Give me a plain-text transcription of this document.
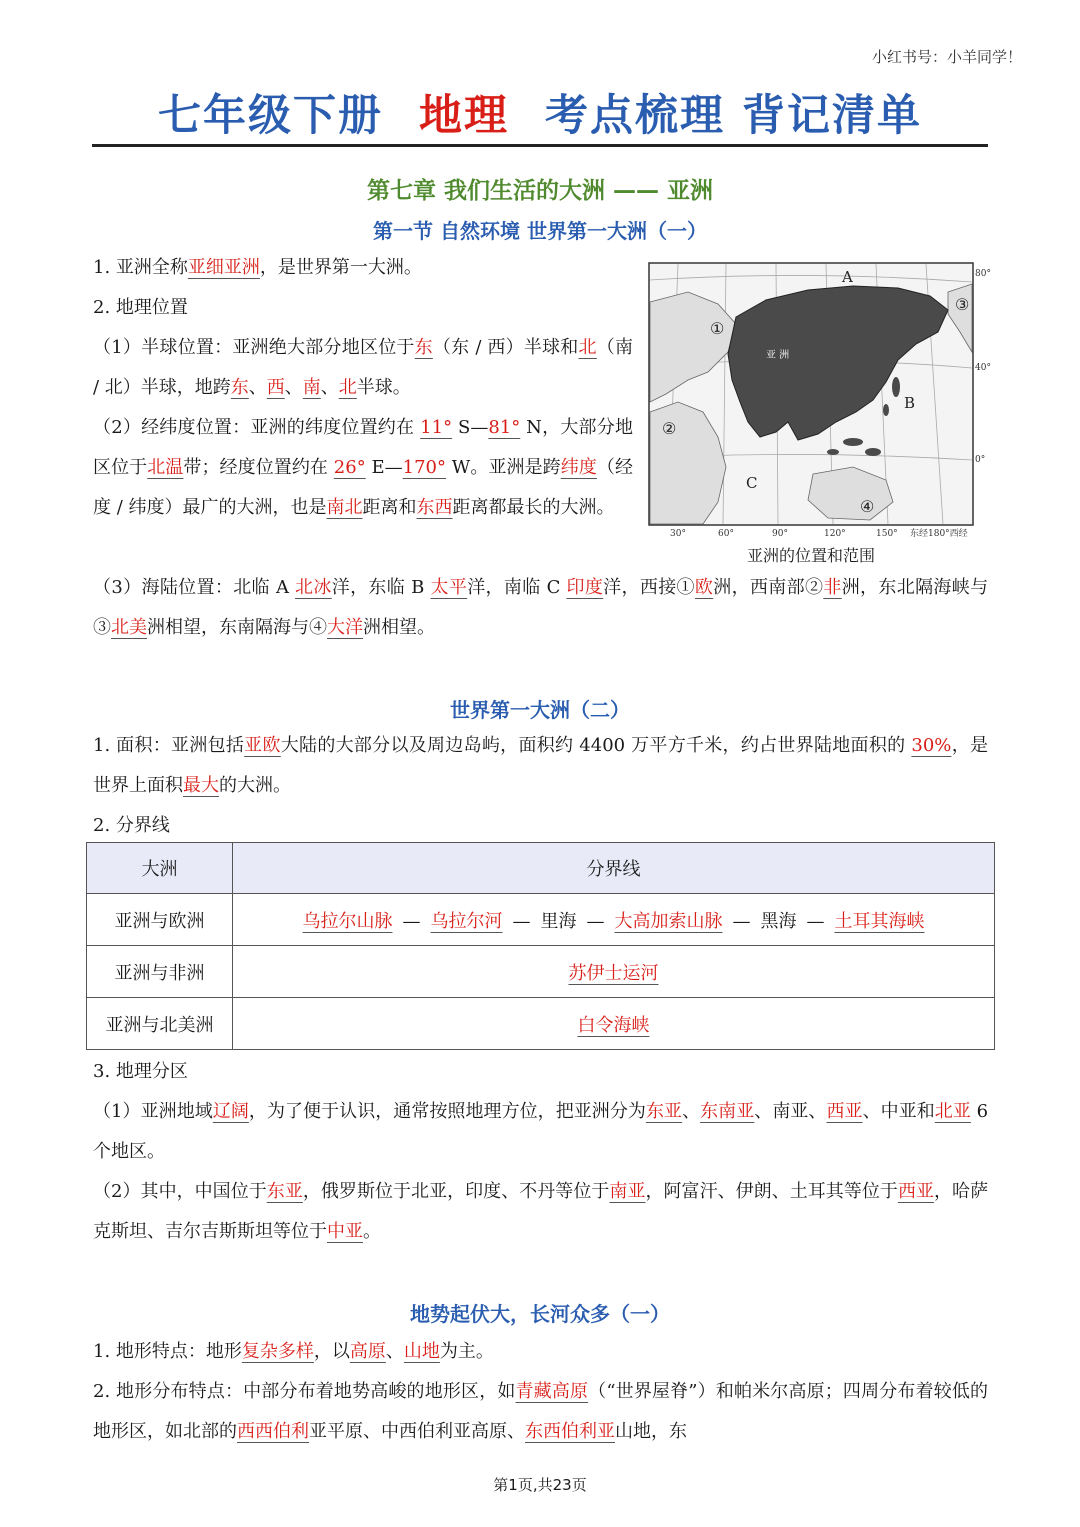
小红书号：小羊同学！
七年级下册 地理 考点梳理 背记清单
第七章 我们生活的大洲 —— 亚洲
第一节 自然环境 世界第一大洲（一）

1. 亚洲全称亚细亚洲，是世界第一大洲。

2. 地理位置

（1）半球位置：亚洲绝大部分地区位于东（东 / 西）半球和北（南 / 北）半球，地跨东、西、南、北半球。

（2）经纬度位置：亚洲的纬度位置约在 11° S—81° N，大部分地区位于北温带；经度位置约在 26° E—170° W。亚洲是跨纬度（经度 / 纬度）最广的大洲，也是南北距离和东西距离都最长的大洲。

（3）海陆位置：北临 A 北冰洋，东临 B 太平洋，南临 C 印度洋，西接①欧洲，西南部②非洲，东北隔海峡与③北美洲相望，东南隔海与④大洋洲相望。

亚 洲
A
B
C
①
②
③
④
80°
40°
0°
30°	60°	90°	120°	150° 东经180°西经
亚洲的位置和范围
世界第一大洲（二）

1. 面积：亚洲包括亚欧大陆的大部分以及周边岛屿，面积约 4400 万平方千米，约占世界陆地面积的 30%，是世界上面积最大的大洲。

2. 分界线

大洲	分界线
亚洲与欧洲	乌拉尔山脉 — 乌拉尔河 — 里海 — 大高加索山脉 — 黑海 — 土耳其海峡
亚洲与非洲	苏伊士运河
亚洲与北美洲	白令海峡

3. 地理分区

（1）亚洲地域辽阔，为了便于认识，通常按照地理方位，把亚洲分为东亚、东南亚、南亚、西亚、中亚和北亚 6 个地区。

（2）其中，中国位于东亚，俄罗斯位于北亚，印度、不丹等位于南亚，阿富汗、伊朗、土耳其等位于西亚，哈萨克斯坦、吉尔吉斯斯坦等位于中亚。

地势起伏大，长河众多（一）

1. 地形特点：地形复杂多样，以高原、山地为主。

2. 地形分布特点：中部分布着地势高峻的地形区，如青藏高原（“世界屋脊”）和帕米尔高原；四周分布着较低的地形区，如北部的西西伯利亚平原、中西伯利亚高原、东西伯利亚山地，东

第1页,共23页
